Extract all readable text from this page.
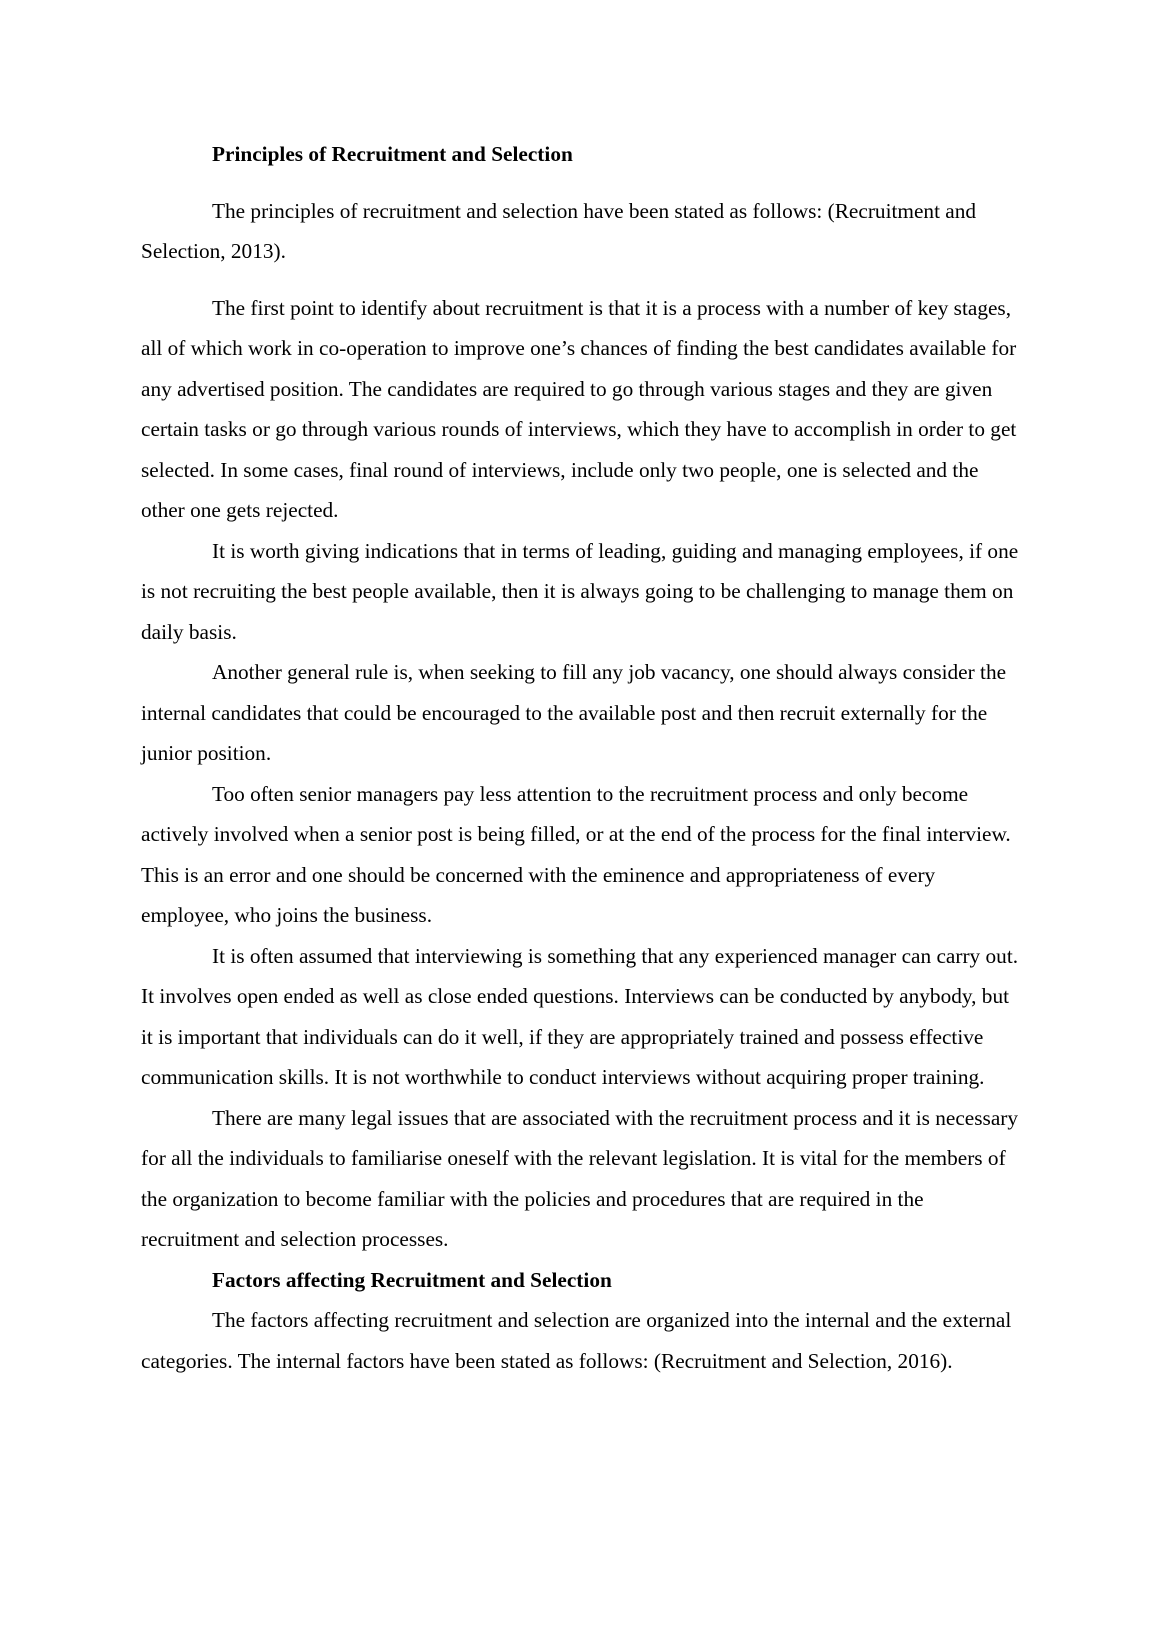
Principles of Recruitment and Selection

The principles of recruitment and selection have been stated as follows: (Recruitment and Selection, 2013).

The first point to identify about recruitment is that it is a process with a number of key stages, all of which work in co-operation to improve one’s chances of finding the best candidates available for any advertised position. The candidates are required to go through various stages and they are given certain tasks or go through various rounds of interviews, which they have to accomplish in order to get selected. In some cases, final round of interviews, include only two people, one is selected and the other one gets rejected.

It is worth giving indications that in terms of leading, guiding and managing employees, if one is not recruiting the best people available, then it is always going to be challenging to manage them on daily basis.

Another general rule is, when seeking to fill any job vacancy, one should always consider the internal candidates that could be encouraged to the available post and then recruit externally for the junior position.

Too often senior managers pay less attention to the recruitment process and only become actively involved when a senior post is being filled, or at the end of the process for the final interview. This is an error and one should be concerned with the eminence and appropriateness of every employee, who joins the business.

It is often assumed that interviewing is something that any experienced manager can carry out. It involves open ended as well as close ended questions. Interviews can be conducted by anybody, but it is important that individuals can do it well, if they are appropriately trained and possess effective communication skills. It is not worthwhile to conduct interviews without acquiring proper training.

There are many legal issues that are associated with the recruitment process and it is necessary for all the individuals to familiarise oneself with the relevant legislation. It is vital for the members of the organization to become familiar with the policies and procedures that are required in the recruitment and selection processes.

Factors affecting Recruitment and Selection

The factors affecting recruitment and selection are organized into the internal and the external categories. The internal factors have been stated as follows: (Recruitment and Selection, 2016).
